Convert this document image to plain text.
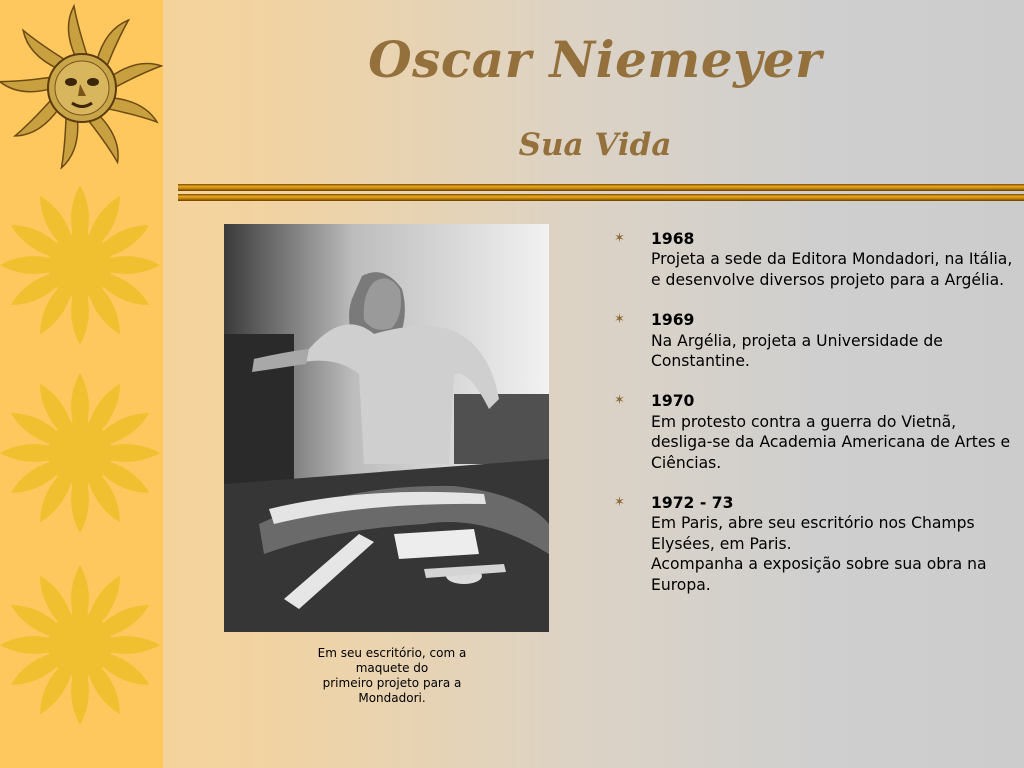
Oscar Niemeyer
Sua Vida
Em seu escritório, com a
maquete do
primeiro projeto para a
Mondadori.
✶ 1968
Projeta a sede da Editora Mondadori, na Itália, e desenvolve diversos projeto para a Argélia.
✶ 1969
Na Argélia, projeta a Universidade de Constantine.
✶ 1970
Em protesto contra a guerra do Vietnã, desliga-se da Academia Americana de Artes e Ciências.
✶ 1972 - 73
Em Paris, abre seu escritório nos Champs Elysées, em Paris.
Acompanha a exposição sobre sua obra na Europa.
